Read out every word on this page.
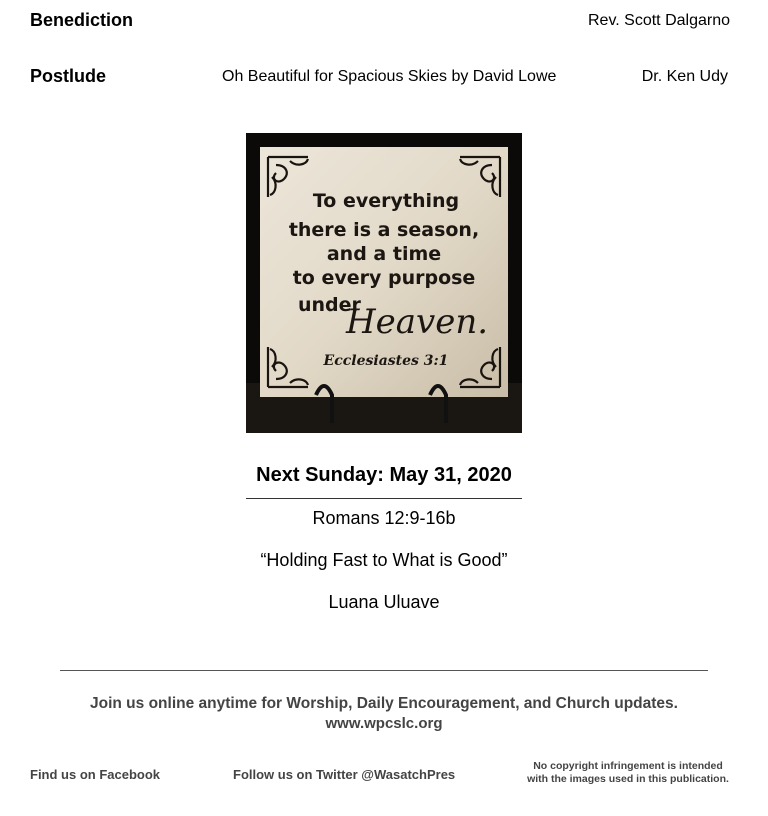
Benediction	Rev. Scott Dalgarno
Postlude	Oh Beautiful for Spacious Skies by David Lowe	Dr. Ken Udy
To everything
there is a season,
and a time
to every purpose
under
Heaven.
Ecclesiastes 3:1
Next Sunday: May 31, 2020
Romans 12:9-16b
“Holding Fast to What is Good”
Luana Uluave
Join us online anytime for Worship, Daily Encouragement, and Church updates.
www.wpcslc.org
Find us on Facebook	Follow us on Twitter @WasatchPres
No copyright infringement is intended
with the images used in this publication.
